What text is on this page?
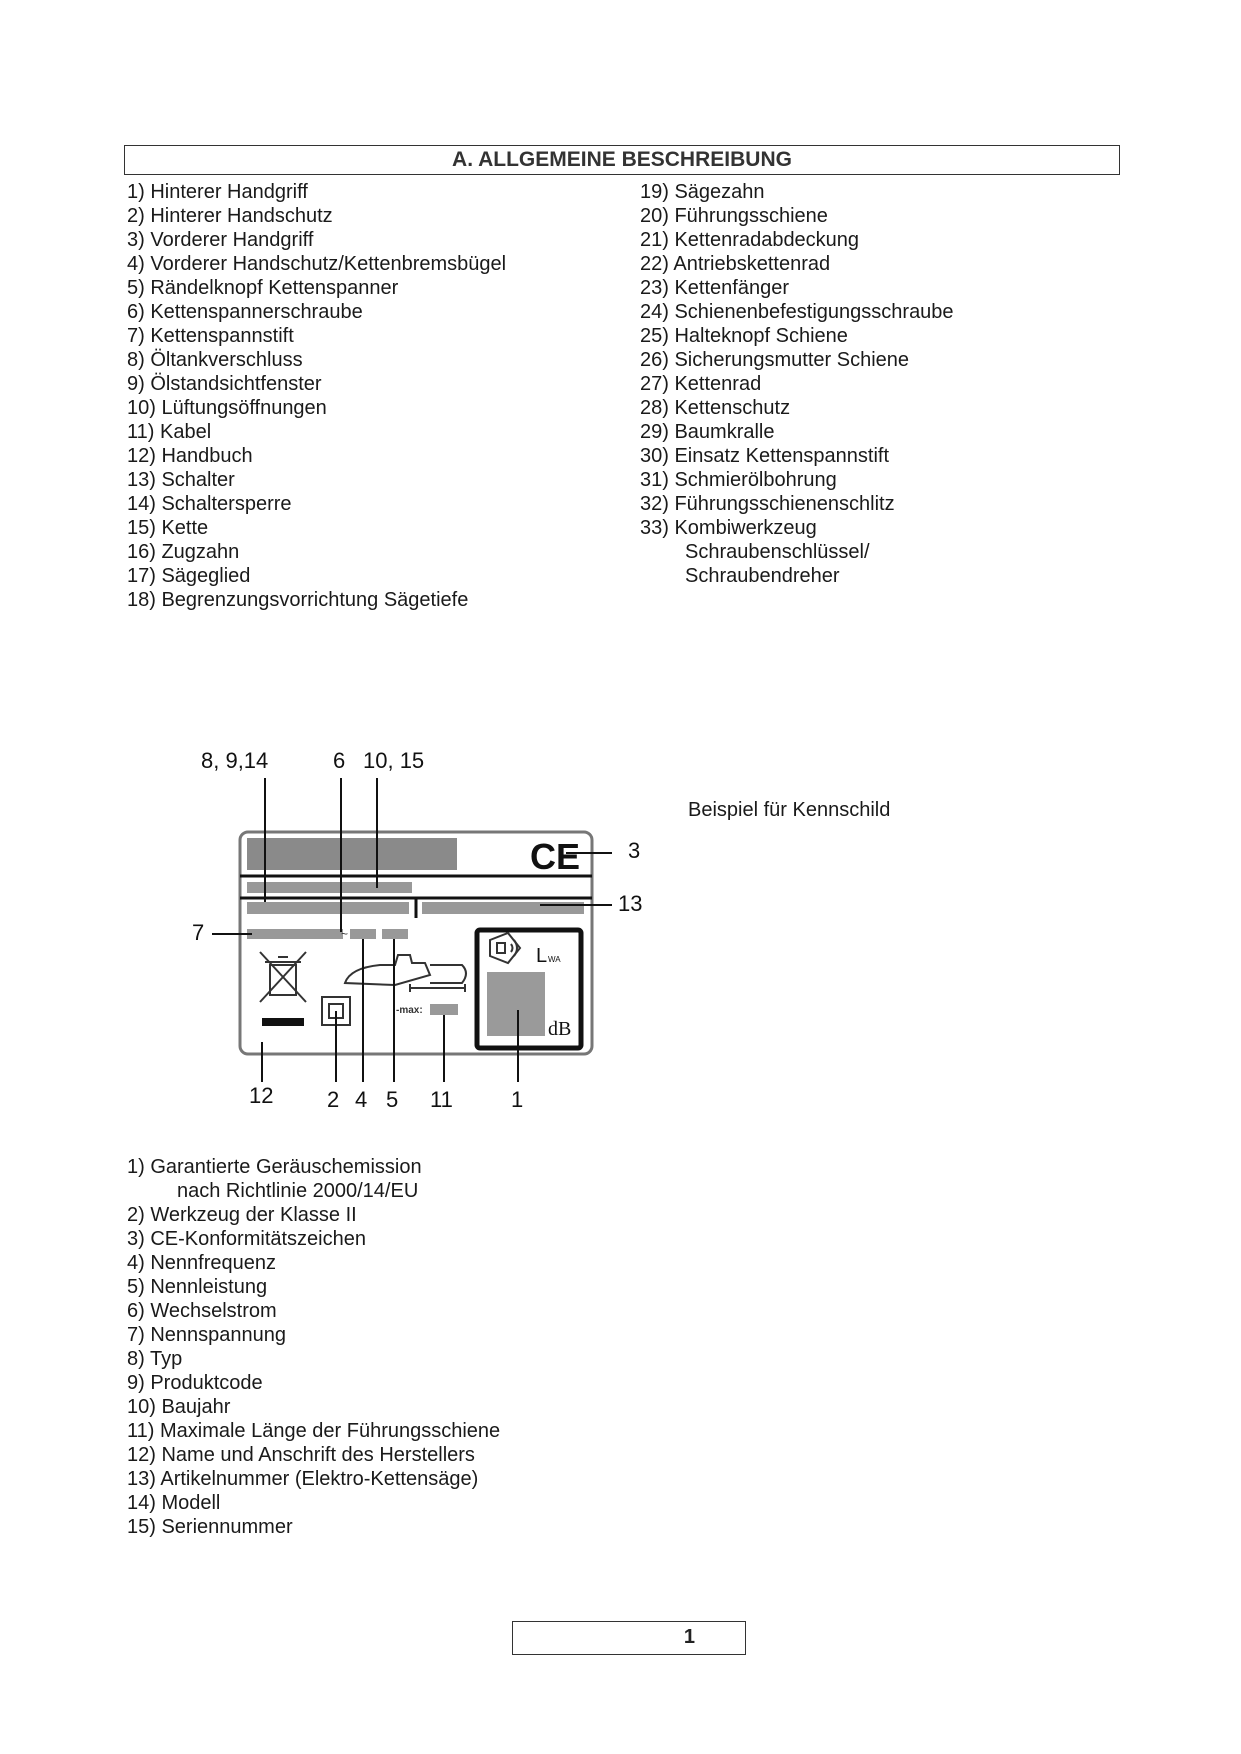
A. ALLGEMEINE BESCHREIBUNG
1) Hinterer Handgriff
2) Hinterer Handschutz
3) Vorderer Handgriff
4) Vorderer Handschutz/Kettenbremsbügel
5) Rändelknopf Kettenspanner
6) Kettenspannerschraube
7) Kettenspannstift
8) Öltankverschluss
9) Ölstandsichtfenster
10) Lüftungsöffnungen
11) Kabel
12) Handbuch
13) Schalter
14) Schaltersperre
15) Kette
16) Zugzahn
17) Sägeglied
18) Begrenzungsvorrichtung Sägetiefe
19) Sägezahn
20) Führungsschiene
21) Kettenradabdeckung
22) Antriebskettenrad
23) Kettenfänger
24) Schienenbefestigungsschraube
25) Halteknopf Schiene
26) Sicherungsmutter Schiene
27) Kettenrad
28) Kettenschutz
29) Baumkralle
30) Einsatz Kettenspannstift
31) Schmierölbohrung
32) Führungsschienenschlitz
33) Kombiwerkzeug
Schraubenschlüssel/
Schraubendreher
~
CE
-max:
L WA
dB
8, 9,14	6 10, 15
3
13
7
12 2 4 5 11	1
Beispiel für Kennschild
1) Garantierte Geräuschemission
nach Richtlinie 2000/14/EU
2) Werkzeug der Klasse II
3) CE-Konformitätszeichen
4) Nennfrequenz
5) Nennleistung
6) Wechselstrom
7) Nennspannung
8) Typ
9) Produktcode
10) Baujahr
11) Maximale Länge der Führungsschiene
12) Name und Anschrift des Herstellers
13) Artikelnummer (Elektro-Kettensäge)
14) Modell
15) Seriennummer
1
